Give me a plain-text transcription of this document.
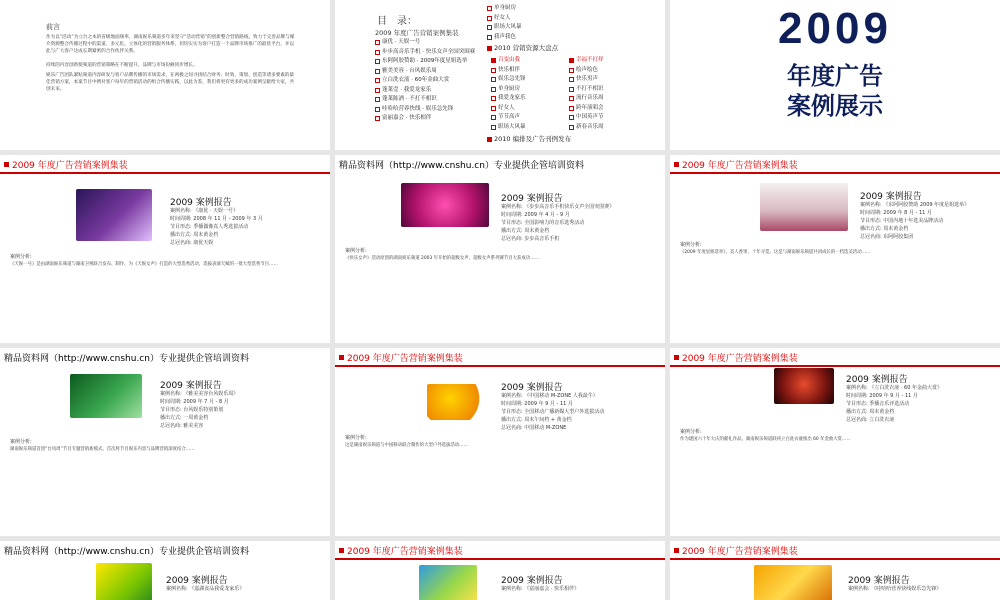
前言
作为以“活动”为立台之本的省级地面频率，湖南娱乐频道多年来坚守“活动营销”的创新整合营销路线，致力于完善品牌与媒介资源整合传播过程中的渠道、多元化、立体化的营销服务体系，切切实实为客户打造一个品牌市场推广的最优平台，并以此与广大客户达成长期紧密的合作伙伴关系。
持续的内容创新使频道的营销策略在不断提升，品牌与市场份额同步增长。
娱乐广告团队紧贴频道内容研发与客户品牌传播的市场需求，在两极之间寻找结合财务、时效、策划、创造等诸多要素的最佳营销方案，本案节目中例对客户每年的营销活动的组合传播实践，以此为鉴，我们将更有更多的成功案例呈献给大家，共创未来。
目　录：
2009 年度广告营销案例集装
康优 · 天娱一号
步步高音乐手机 · 快乐女声全国突围赛
东阿阿胶赞助 · 2009年度星姐选举
雅美美容 · 台风娱乐周
立白洗衣液 · 60年金曲大赏
蓬莱壹 · 我爱龙家乐
蓬莱陈酒 · 不打不相识
哇哈哈营养快线 · 娱乐急先锋
富丽嘉会 · 快乐相伴
单身厨房
好女人
职场大风暴
我声我色
2010 营销资源大盘点
百变由我
快乐相伴
娱乐急先锋
单身厨房
我爱龙家乐
好女人
节节高声
职场大风暴
幸福不打烊
绘声绘色
快乐男声
不打不相识
流行音乐周
跨年演唱会
中国英声节
新春音乐周
2010 编排及广告刊例发布
2009
年度广告
案例展示
2009 年度广告营销案例集装
2009 案例报告
案例名称: 《康优 · 天娱一号》
时间周期: 2008 年 11 月 - 2009 年 3 月
节目形态: 季播偶像真人秀选拔活动
播出方式: 周末黄金档
总冠名商: 康优天娱
案例分析:
《天娱一号》是由湖南娱乐频道与湖南卫视联合发布、制作、为《天娱女声》打造的大型选秀活动，选拔表演天赋的一批大型选秀节目……
精品资料网（http://www.cnshu.cn）专业提供企管培训资料
2009 案例报告
案例名称: 《步步高音乐手机快乐女声全国突围赛》
时间周期: 2009 年 4 月 - 9 月
节目形态: 全国影响力的音乐选秀活动
播出方式: 周末黄金档
总冠名商: 步步高音乐手机
案例分析:
《快乐女声》活动原创的湖南娱乐频道 2003 年开始的超级女声，超级女声系列赛节目大获成功……
2009 年度广告营销案例集装
2009 案例报告
案例名称: 《东阿阿胶赞助 2009 年度星姐选举》
时间周期: 2009 年 8 月 - 11 月
节目形态: 中国内地十年选美品牌活动
播出方式: 周末黄金档
总冠名商: 东阿阿胶集团
案例分析:
《2009 年度星姐选举》，美人香果，十年寻觅。这是与湖南娱乐频道共同成长的一档选美活动……
精品资料网（http://www.cnshu.cn）专业提供企管培训资料
2009 案例报告
案例名称: 《雅美美容台风娱乐周》
时间周期: 2009 年 7 月 - 8 月
节目形态: 台风娱乐特别策划
播出方式: 一周黄金档
总冠名商: 雅美美容
案例分析:
湖南娱乐频道首创“台风周”节目专题营销新模式，首次将节目娱乐内容与品牌营销深度结合……
2009 年度广告营销案例集装
2009 案例报告
案例名称: 《中国移动 M-ZONE 人我最牛》
时间周期: 2009 年 9 月 - 11 月
节目形态: 全国移动广播新媒大型户外选拔活动
播出方式: 周末午间档 + 黄金档
总冠名商: 中国移动 M-ZONE
案例分析:
这是湖南娱乐频道与中国移动联合制作的大型户外选拔活动……
2009 年度广告营销案例集装
2009 案例报告
案例名称: 《立白洗衣液 · 60 年金曲大赏》
时间周期: 2009 年 9 月 - 11 月
节目形态: 季播音乐评选活动
播出方式: 周末黄金档
总冠名商: 立白洗衣液
案例分析:
作为建国六十年大庆的献礼作品，湖南娱乐频道联袂立白洗衣液推出 60 年金曲大赏……
精品资料网（http://www.cnshu.cn）专业提供企管培训资料
2009 案例报告
案例名称: 《嘉湖食品我爱龙家乐》
2009 年度广告营销案例集装
2009 案例报告
案例名称: 《富丽嘉会 · 快乐相伴》
2009 年度广告营销案例集装
2009 案例报告
案例名称: 《哇哈哈营养快线娱乐急先锋》
